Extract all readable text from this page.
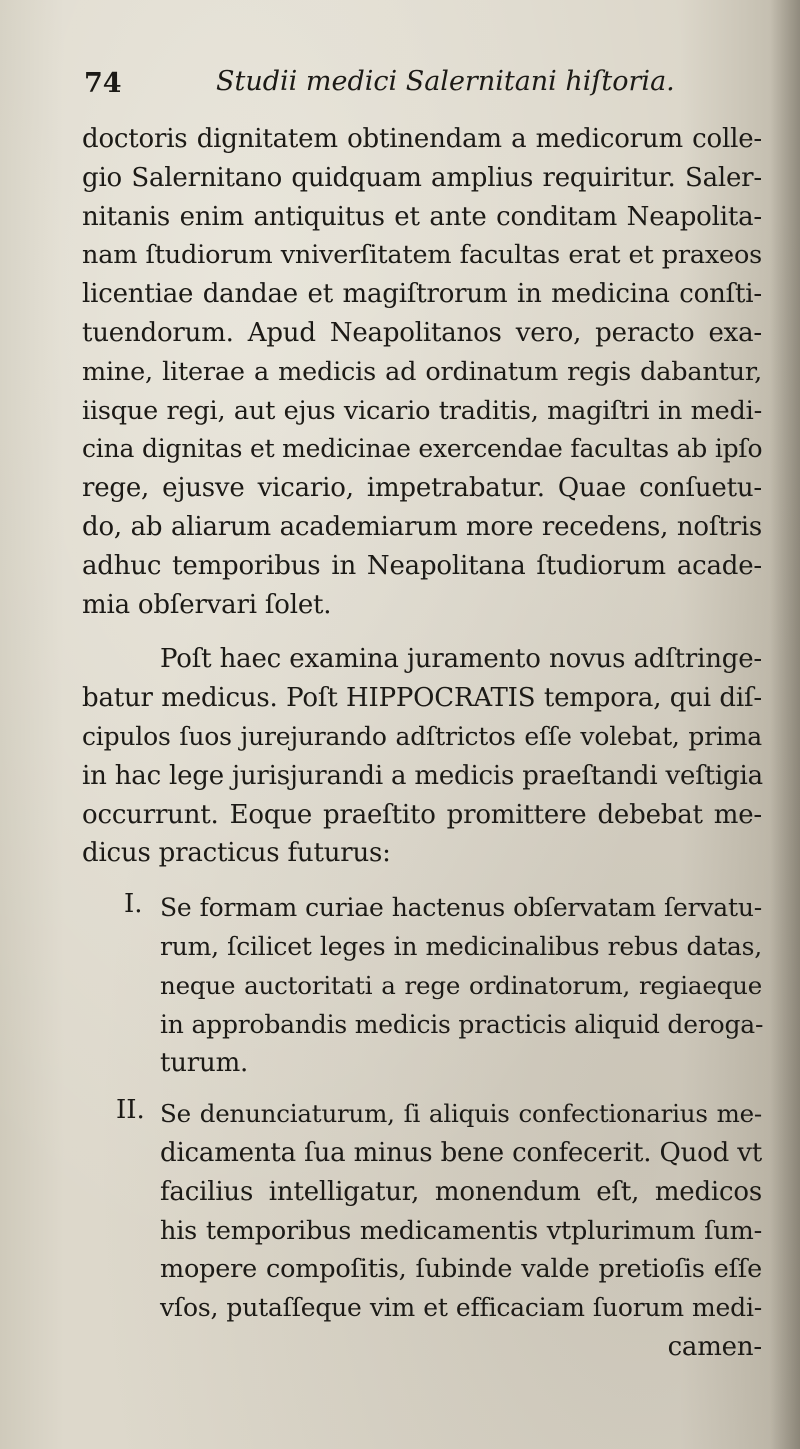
74	Studii medici Salernitani hiſtoria.
doctoris dignitatem obtinendam a medicorum colle-
gio Salernitano quidquam amplius requiritur. Saler-
nitanis enim antiquitus et ante conditam Neapolita-
nam ſtudiorum vniverſitatem facultas erat et praxeos
licentiae dandae et magiſtrorum in medicina conſti-
tuendorum. Apud Neapolitanos vero, peracto exa-
mine, literae a medicis ad ordinatum regis dabantur,
iisque regi, aut ejus vicario traditis, magiſtri in medi-
cina dignitas et medicinae exercendae facultas ab ipſo
rege, ejusve vicario, impetrabatur. Quae conſuetu-
do, ab aliarum academiarum more recedens, noſtris
adhuc temporibus in Neapolitana ſtudiorum acade-
mia obſervari ſolet.
Poſt haec examina juramento novus adſtringe-
batur medicus. Poſt HIPPOCRATIS tempora, qui diſ-
cipulos ſuos jurejurando adſtrictos eſſe volebat, prima
in hac lege jurisjurandi a medicis praeſtandi veſtigia
occurrunt. Eoque praeſtito promittere debebat me-
dicus practicus futurus:
I. Se formam curiae hactenus obſervatam ſervatu-
rum, ſcilicet leges in medicinalibus rebus datas,
neque auctoritati a rege ordinatorum, regiaeque
in approbandis medicis practicis aliquid deroga-
turum.
II. Se denunciaturum, ſi aliquis confectionarius me-
dicamenta ſua minus bene confecerit. Quod vt
facilius intelligatur, monendum eſt, medicos
his temporibus medicamentis vtplurimum ſum-
mopere compoſitis, ſubinde valde pretioſis eſſe
vſos, putaſſeque vim et efficaciam ſuorum medi-
camen-
